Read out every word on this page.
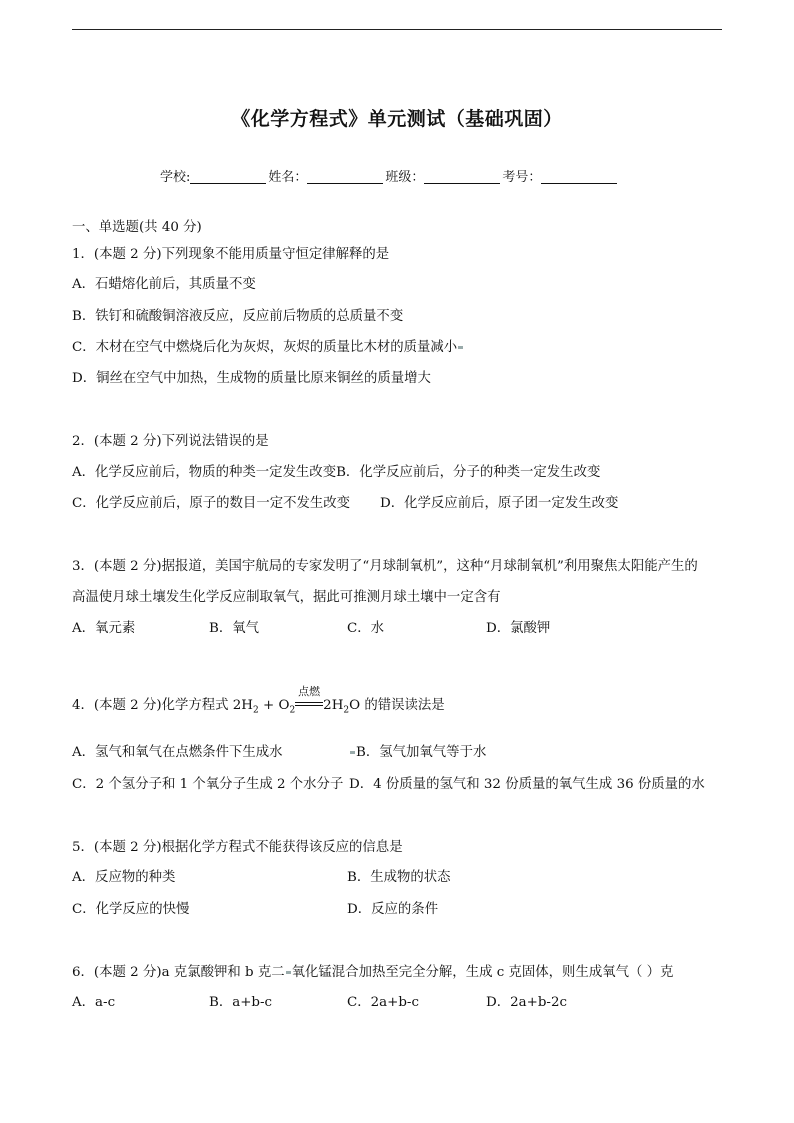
《化学方程式》单元测试（基础巩固）
学校:	姓名：	班级：	考号：
一、单选题(共 40 分)
1．(本题 2 分)下列现象不能用质量守恒定律解释的是
A．石蜡熔化前后，其质量不变
B．铁钉和硫酸铜溶液反应，反应前后物质的总质量不变
C．木材在空气中燃烧后化为灰烬，灰烬的质量比木材的质量减小
D．铜丝在空气中加热，生成物的质量比原来铜丝的质量增大
2．(本题 2 分)下列说法错误的是
A．化学反应前后，物质的种类一定发生改变B．化学反应前后，分子的种类一定发生改变
C．化学反应前后，原子的数目一定不发生改变 D．化学反应前后，原子团一定发生改变
3．(本题 2 分)据报道，美国宇航局的专家发明了“月球制氧机”，这种“月球制氧机”利用聚焦太阳能产生的
高温使月球土壤发生化学反应制取氧气，据此可推测月球土壤中一定含有
A．氧元素	B．氧气	C．水	D．氯酸钾
4．(本题 2 分)化学方程式 $2H_2 + O_2$
点燃
$2H_2O$ 的错误读法是
A．氢气和氧气在点燃条件下生成水	B．氢气加氧气等于水
C．2 个氢分子和 1 个氧分子生成 2 个水分子 D．4 份质量的氢气和 32 份质量的氧气生成 36 份质量的水
5．(本题 2 分)根据化学方程式不能获得该反应的信息是
A．反应物的种类	B．生成物的状态
C．化学反应的快慢	D．反应的条件
6．(本题 2 分)a 克氯酸钾和 b 克二 氧化锰混合加热至完全分解，生成 c 克固体，则生成氧气（ ）克
A．a-c	B．a+b-c	C．2a+b-c	D．2a+b-2c
